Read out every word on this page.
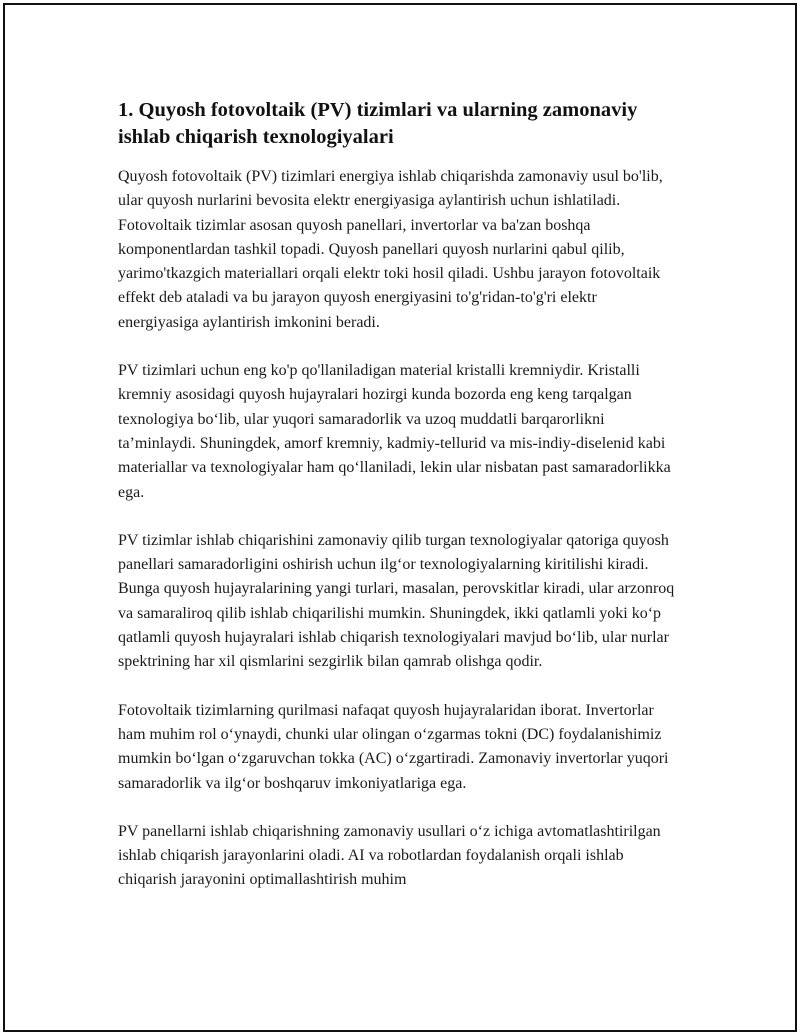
1. Quyosh fotovoltaik (PV) tizimlari va ularning zamonaviy ishlab chiqarish texnologiyalari

Quyosh fotovoltaik (PV) tizimlari energiya ishlab chiqarishda zamonaviy usul bo'lib, ular quyosh nurlarini bevosita elektr energiyasiga aylantirish uchun ishlatiladi. Fotovoltaik tizimlar asosan quyosh panellari, invertorlar va ba'zan boshqa komponentlardan tashkil topadi. Quyosh panellari quyosh nurlarini qabul qilib, yarimo'tkazgich materiallari orqali elektr toki hosil qiladi. Ushbu jarayon fotovoltaik effekt deb ataladi va bu jarayon quyosh energiyasini to'g'ridan-to'g'ri elektr energiyasiga aylantirish imkonini beradi.

PV tizimlari uchun eng ko'p qo'llaniladigan material kristalli kremniydir. Kristalli kremniy asosidagi quyosh hujayralari hozirgi kunda bozorda eng keng tarqalgan texnologiya bo‘lib, ular yuqori samaradorlik va uzoq muddatli barqarorlikni ta’minlaydi. Shuningdek, amorf kremniy, kadmiy-tellurid va mis-indiy-diselenid kabi materiallar va texnologiyalar ham qo‘llaniladi, lekin ular nisbatan past samaradorlikka ega.

PV tizimlar ishlab chiqarishini zamonaviy qilib turgan texnologiyalar qatoriga quyosh panellari samaradorligini oshirish uchun ilg‘or texnologiyalarning kiritilishi kiradi. Bunga quyosh hujayralarining yangi turlari, masalan, perovskitlar kiradi, ular arzonroq va samaraliroq qilib ishlab chiqarilishi mumkin. Shuningdek, ikki qatlamli yoki ko‘p qatlamli quyosh hujayralari ishlab chiqarish texnologiyalari mavjud bo‘lib, ular nurlar spektrining har xil qismlarini sezgirlik bilan qamrab olishga qodir.

Fotovoltaik tizimlarning qurilmasi nafaqat quyosh hujayralaridan iborat. Invertorlar ham muhim rol o‘ynaydi, chunki ular olingan o‘zgarmas tokni (DC) foydalanishimiz mumkin bo‘lgan o‘zgaruvchan tokka (AC) o‘zgartiradi. Zamonaviy invertorlar yuqori samaradorlik va ilg‘or boshqaruv imkoniyatlariga ega.

PV panellarni ishlab chiqarishning zamonaviy usullari o‘z ichiga avtomatlashtirilgan ishlab chiqarish jarayonlarini oladi. AI va robotlardan foydalanish orqali ishlab chiqarish jarayonini optimallashtirish muhim
